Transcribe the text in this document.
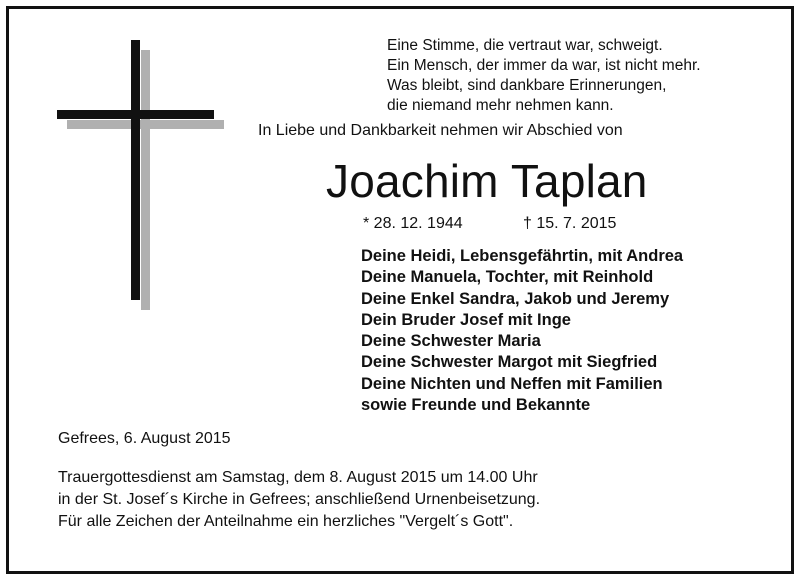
Eine Stimme, die vertraut war, schweigt.
Ein Mensch, der immer da war, ist nicht mehr.
Was bleibt, sind dankbare Erinnerungen,
die niemand mehr nehmen kann.
In Liebe und Dankbarkeit nehmen wir Abschied von
Joachim Taplan
* 28. 12. 1944	† 15. 7. 2015
Deine Heidi, Lebensgefährtin, mit Andrea
Deine Manuela, Tochter, mit Reinhold
Deine Enkel Sandra, Jakob und Jeremy
Dein Bruder Josef mit Inge
Deine Schwester Maria
Deine Schwester Margot mit Siegfried
Deine Nichten und Neffen mit Familien
sowie Freunde und Bekannte
Gefrees, 6. August 2015
Trauergottesdienst am Samstag, dem 8. August 2015 um 14.00 Uhr
in der St. Josef´s Kirche in Gefrees; anschließend Urnenbeisetzung.
Für alle Zeichen der Anteilnahme ein herzliches "Vergelt´s Gott".
